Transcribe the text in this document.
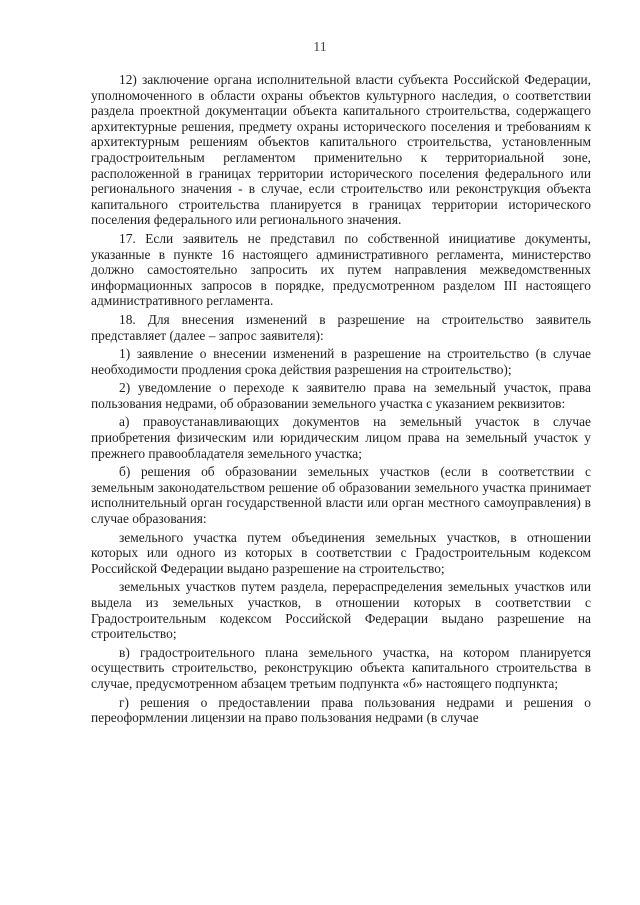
11

12) заключение органа исполнительной власти субъекта Российской Федерации, уполномоченного в области охраны объектов культурного наследия, о соответствии раздела проектной документации объекта капитального строительства, содержащего архитектурные решения, предмету охраны исторического поселения и требованиям к архитектурным решениям объектов капитального строительства, установленным градостроительным регламентом применительно к территориальной зоне, расположенной в границах территории исторического поселения федерального или регионального значения - в случае, если строительство или реконструкция объекта капитального строительства планируется в границах территории исторического поселения федерального или регионального значения.

17. Если заявитель не представил по собственной инициативе документы, указанные в пункте 16 настоящего административного регламента, министерство должно самостоятельно запросить их путем направления межведомственных информационных запросов в порядке, предусмотренном разделом III настоящего административного регламента.

18. Для внесения изменений в разрешение на строительство заявитель представляет (далее – запрос заявителя):

1) заявление о внесении изменений в разрешение на строительство (в случае необходимости продления срока действия разрешения на строительство);

2) уведомление о переходе к заявителю права на земельный участок, права пользования недрами, об образовании земельного участка с указанием реквизитов:

а) правоустанавливающих документов на земельный участок в случае приобретения физическим или юридическим лицом права на земельный участок у прежнего правообладателя земельного участка;

б) решения об образовании земельных участков (если в соответствии с земельным законодательством решение об образовании земельного участка принимает исполнительный орган государственной власти или орган местного самоуправления) в случае образования:

земельного участка путем объединения земельных участков, в отношении которых или одного из которых в соответствии с Градостроительным кодексом Российской Федерации выдано разрешение на строительство;

земельных участков путем раздела, перераспределения земельных участков или выдела из земельных участков, в отношении которых в соответствии с Градостроительным кодексом Российской Федерации выдано разрешение на строительство;

в) градостроительного плана земельного участка, на котором планируется осуществить строительство, реконструкцию объекта капитального строительства в случае, предусмотренном абзацем третьим подпункта «б» настоящего подпункта;

г) решения о предоставлении права пользования недрами и решения о переоформлении лицензии на право пользования недрами (в случае
